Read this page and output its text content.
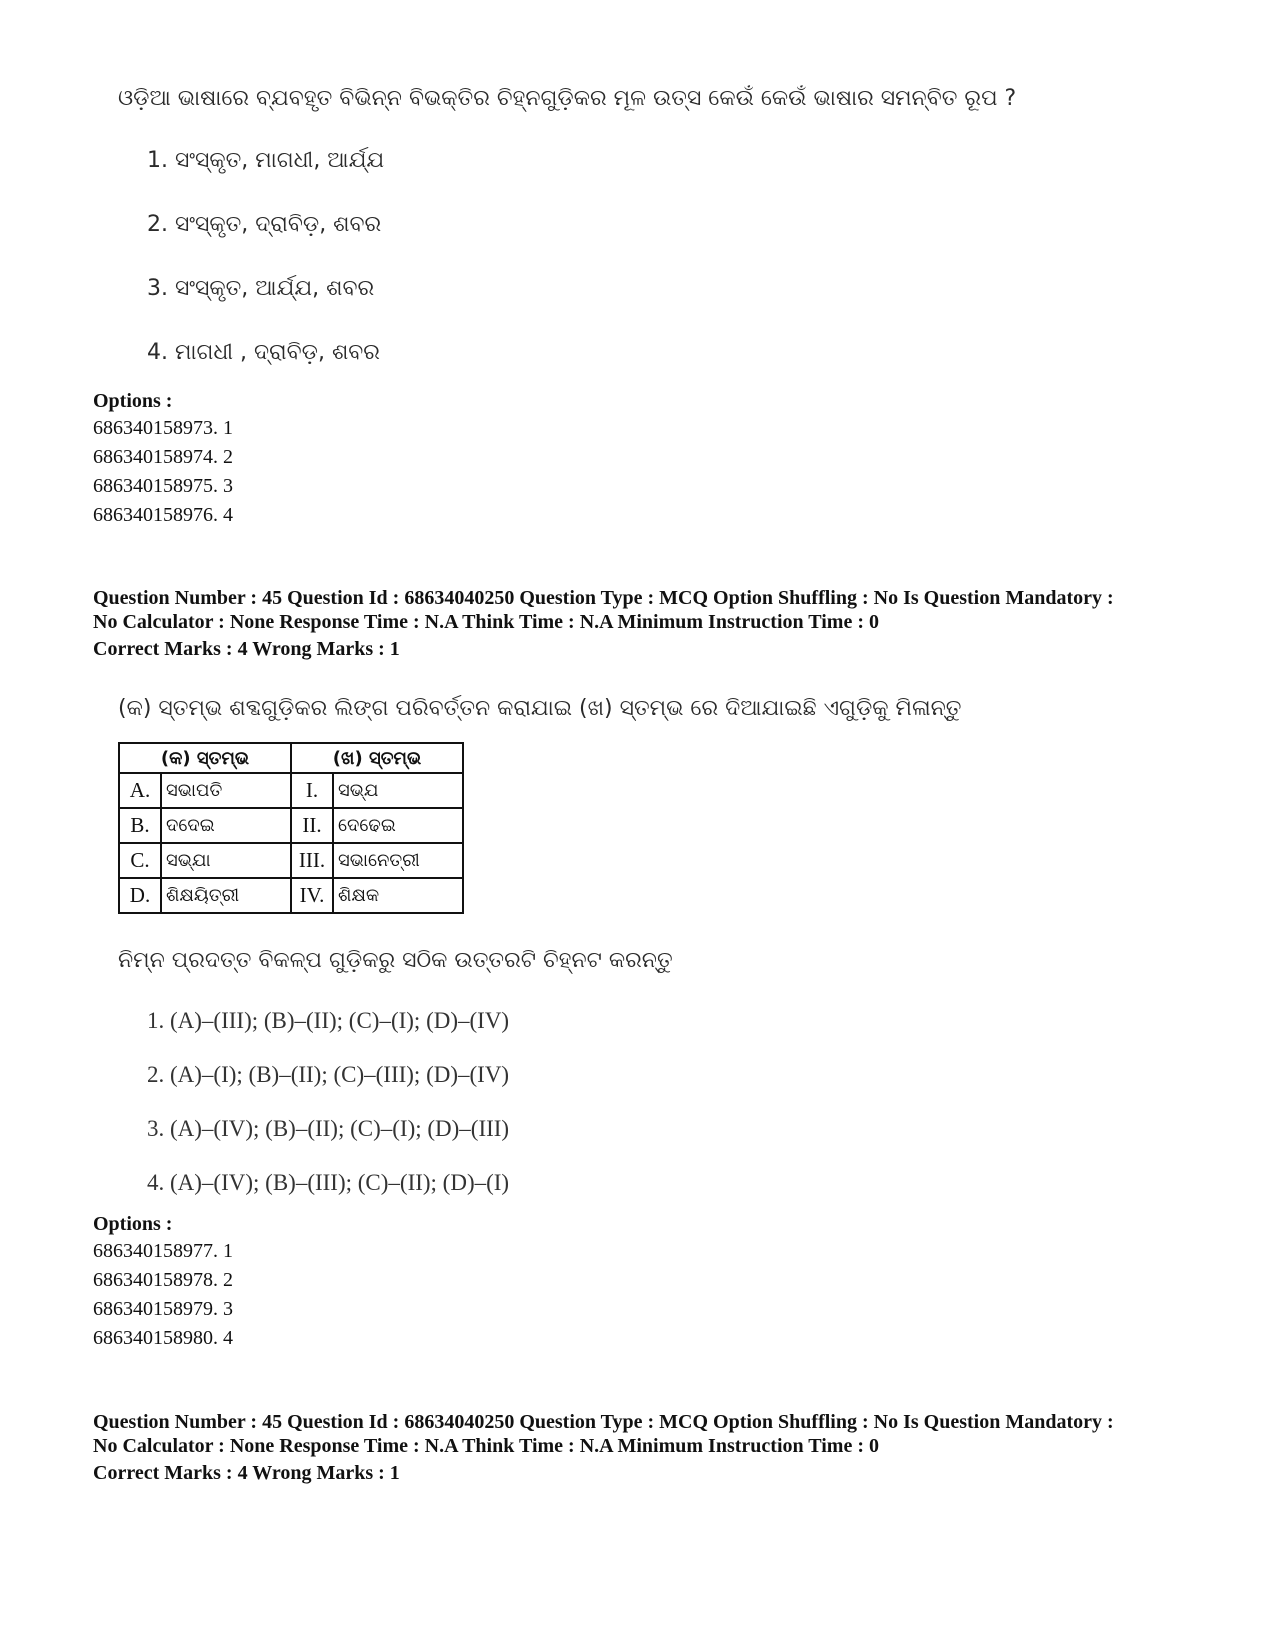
ଓଡ଼ିଆ ଭାଷାରେ ବ୍ଯବହୃତ ବିଭିନ୍ନ ବିଭକ୍ତିର ଚିହ୍ନଗୁଡ଼ିକର ମୂଳ ଉତ୍ସ କେଉଁ କେଉଁ ଭାଷାର ସମନ୍ବିତ ରୂପ ?
1. ସଂସ୍କୃତ, ମାଗଧୀ, ଆର୍ଯ୍ଯ
2. ସଂସ୍କୃତ, ଦ୍ରାବିଡ଼, ଶବର
3. ସଂସ୍କୃତ, ଆର୍ଯ୍ଯ, ଶବର
4. ମାଗଧୀ , ଦ୍ରାବିଡ଼, ଶବର
Options :
686340158973. 1
686340158974. 2
686340158975. 3
686340158976. 4
Question Number : 45 Question Id : 68634040250 Question Type : MCQ Option Shuffling : No Is Question Mandatory :
No Calculator : None Response Time : N.A Think Time : N.A Minimum Instruction Time : 0
Correct Marks : 4 Wrong Marks : 1
(କ) ସ୍ତମ୍ଭ ଶବ୍ଦଗୁଡ଼ିକର ଲିଙ୍ଗ ପରିବର୍ତ୍ତନ କରାଯାଇ (ଖ) ସ୍ତମ୍ଭ ରେ ଦିଆଯାଇଛି ଏଗୁଡ଼ିକୁ ମିଳାନ୍ତୁ
(କ) ସ୍ତମ୍ଭ		(ଖ) ସ୍ତମ୍ଭ	
A.	ସଭାପତି	I.	ସଭ୍ଯ
B.	ଦଦେଇ	II.	ଦେଢେଇ
C.	ସଭ୍ଯା	III.	ସଭାନେତ୍ରୀ
D.	ଶିକ୍ଷୟିତ୍ରୀ	IV.	ଶିକ୍ଷକ
ନିମ୍ନ ପ୍ରଦତ୍ତ ବିକଳ୍ପ ଗୁଡ଼ିକରୁ ସଠିକ ଉତ୍ତରଟି ଚିହ୍ନଟ କରନ୍ତୁ
1. (A)–(III); (B)–(II); (C)–(I); (D)–(IV)
2. (A)–(I); (B)–(II); (C)–(III); (D)–(IV)
3. (A)–(IV); (B)–(II); (C)–(I); (D)–(III)
4. (A)–(IV); (B)–(III); (C)–(II); (D)–(I)
Options :
686340158977. 1
686340158978. 2
686340158979. 3
686340158980. 4
Question Number : 45 Question Id : 68634040250 Question Type : MCQ Option Shuffling : No Is Question Mandatory :
No Calculator : None Response Time : N.A Think Time : N.A Minimum Instruction Time : 0
Correct Marks : 4 Wrong Marks : 1
